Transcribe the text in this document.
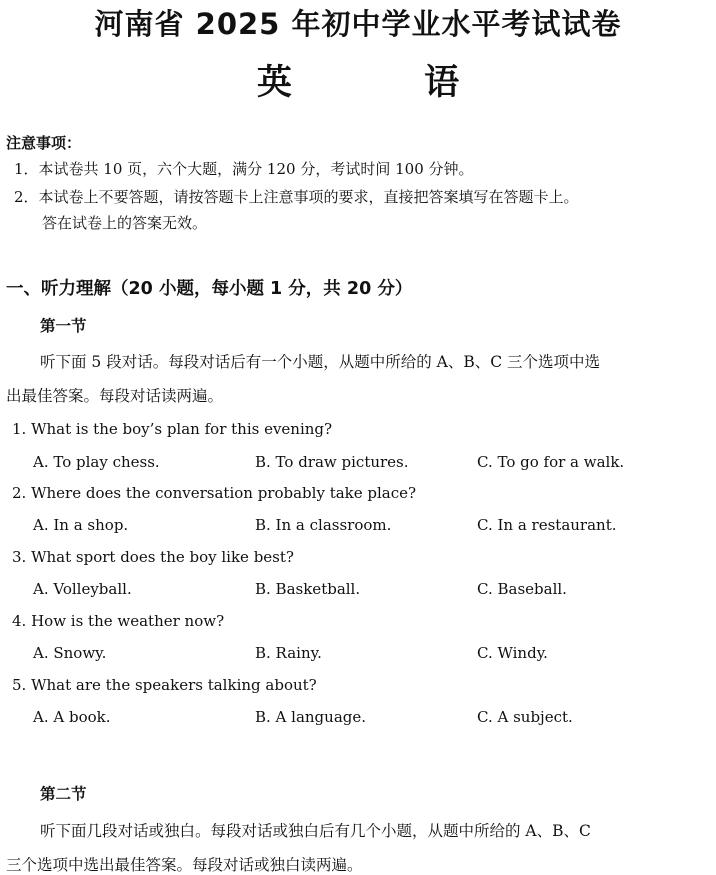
河南省 2025 年初中学业水平考试试卷
英 语
注意事项：
1．本试卷共 10 页，六个大题，满分 120 分，考试时间 100 分钟。
2．本试卷上不要答题，请按答题卡上注意事项的要求，直接把答案填写在答题卡上。
答在试卷上的答案无效。
一、听力理解（20 小题，每小题 1 分，共 20 分）
第一节
听下面 5 段对话。每段对话后有一个小题，从题中所给的 A、B、C 三个选项中选
出最佳答案。每段对话读两遍。
1. What is the boy’s plan for this evening?
A. To play chess.	B. To draw pictures.	C. To go for a walk.
2. Where does the conversation probably take place?
A. In a shop.	B. In a classroom.	C. In a restaurant.
3. What sport does the boy like best?
A. Volleyball.	B. Basketball.	C. Baseball.
4. How is the weather now?
A. Snowy.	B. Rainy.	C. Windy.
5. What are the speakers talking about?
A. A book.	B. A language.	C. A subject.
第二节
听下面几段对话或独白。每段对话或独白后有几个小题，从题中所给的 A、B、C
三个选项中选出最佳答案。每段对话或独白读两遍。
